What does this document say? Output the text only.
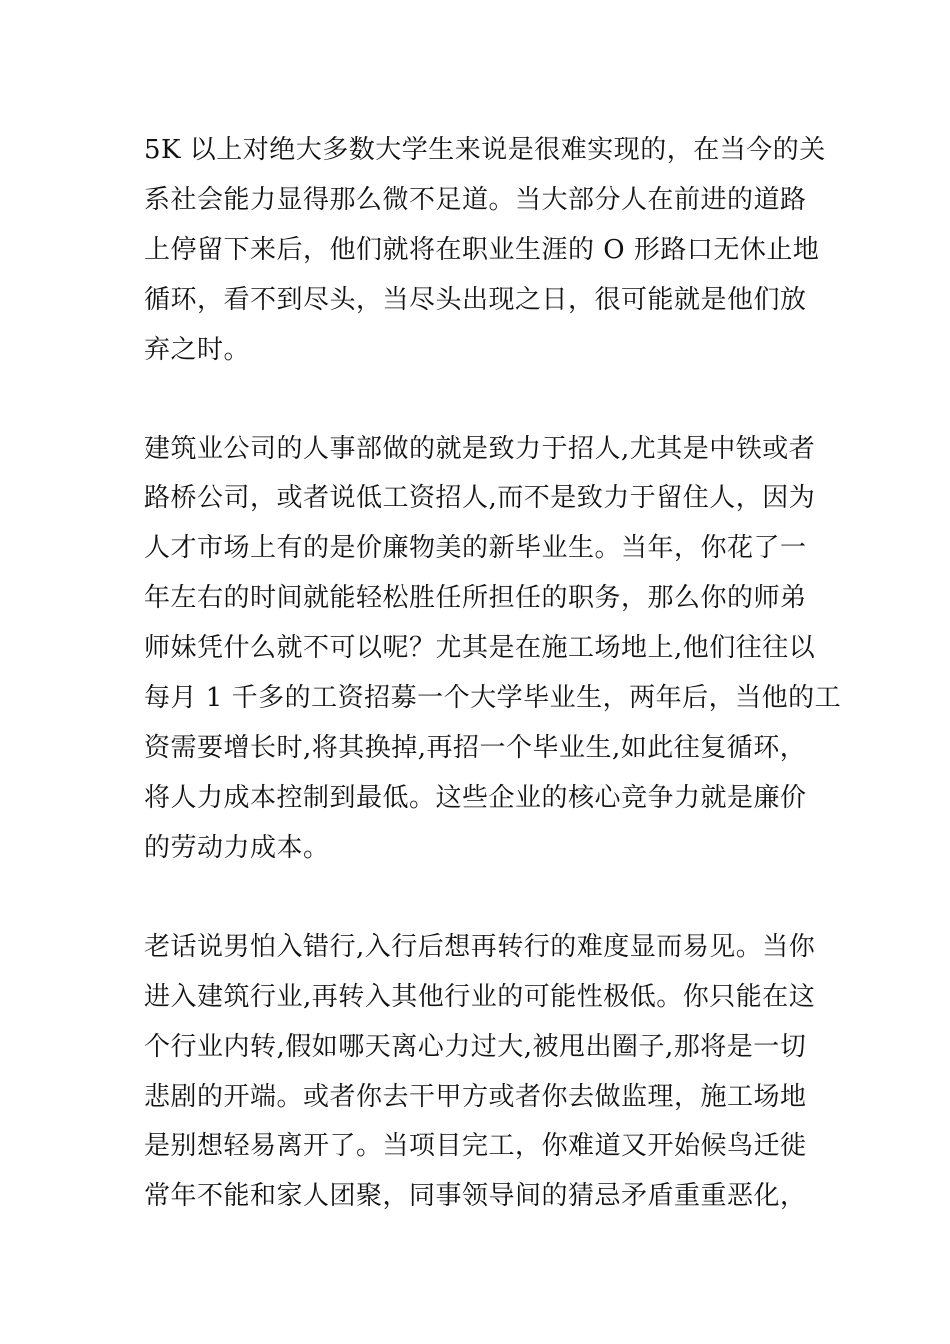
5K 以上对绝大多数大学生来说是很难实现的，在当今的关
系社会能力显得那么微不足道。当大部分人在前进的道路
上停留下来后，他们就将在职业生涯的 O 形路口无休止地
循环，看不到尽头，当尽头出现之日，很可能就是他们放
弃之时。
建筑业公司的人事部做的就是致力于招人,尤其是中铁或者
路桥公司，或者说低工资招人,而不是致力于留住人，因为
人才市场上有的是价廉物美的新毕业生。当年，你花了一
年左右的时间就能轻松胜任所担任的职务，那么你的师弟
师妹凭什么就不可以呢？尤其是在施工场地上,他们往往以
每月 1 千多的工资招募一个大学毕业生，两年后，当他的工
资需要增长时,将其换掉,再招一个毕业生,如此往复循环，
将人力成本控制到最低。这些企业的核心竞争力就是廉价
的劳动力成本。
老话说男怕入错行,入行后想再转行的难度显而易见。当你
进入建筑行业,再转入其他行业的可能性极低。你只能在这
个行业内转,假如哪天离心力过大,被甩出圈子,那将是一切
悲剧的开端。或者你去干甲方或者你去做监理，施工场地
是别想轻易离开了。当项目完工，你难道又开始候鸟迁徙
常年不能和家人团聚，同事领导间的猜忌矛盾重重恶化，
